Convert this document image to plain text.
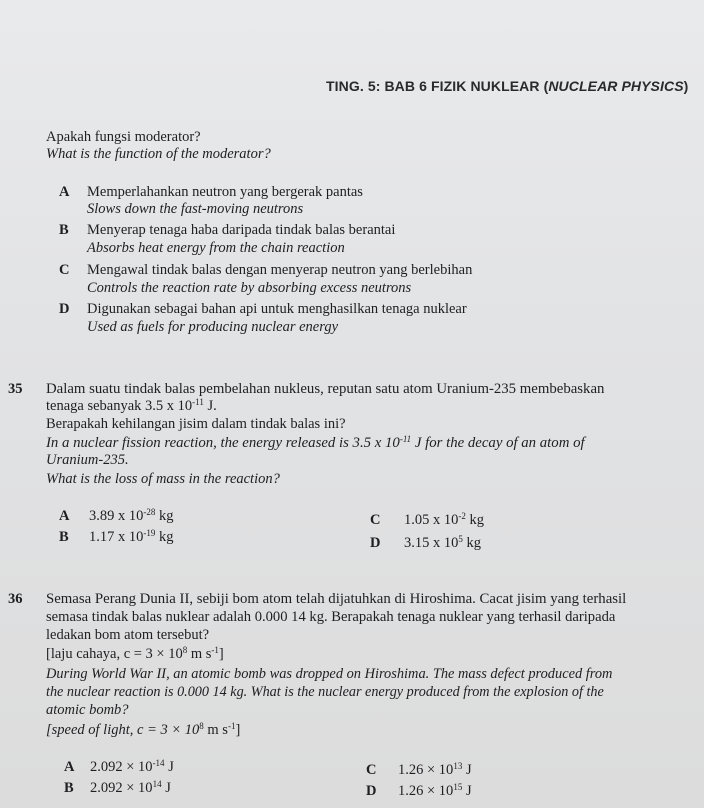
TING. 5: BAB 6 FIZIK NUKLEAR (NUCLEAR PHYSICS)
Apakah fungsi moderator?
What is the function of the moderator?
A Memperlahankan neutron yang bergerak pantas
Slows down the fast-moving neutrons
B Menyerap tenaga haba daripada tindak balas berantai
Absorbs heat energy from the chain reaction
C Mengawal tindak balas dengan menyerap neutron yang berlebihan
Controls the reaction rate by absorbing excess neutrons
D Digunakan sebagai bahan api untuk menghasilkan tenaga nuklear
Used as fuels for producing nuclear energy
35 Dalam suatu tindak balas pembelahan nukleus, reputan satu atom Uranium-235 membebaskan
tenaga sebanyak 3.5 x $10^{-11}$ J.
Berapakah kehilangan jisim dalam tindak balas ini?
In a nuclear fission reaction, the energy released is 3.5 x $10^{-11}$ J for the decay of an atom of
Uranium-235.
What is the loss of mass in the reaction?
A 3.89 x $10^{-28}$ kg
B 1.17 x $10^{-19}$ kg
C 1.05 x $10^{-2}$ kg
D 3.15 x $10^5$ kg
36 Semasa Perang Dunia II, sebiji bom atom telah dijatuhkan di Hiroshima. Cacat jisim yang terhasil
semasa tindak balas nuklear adalah 0.000 14 kg. Berapakah tenaga nuklear yang terhasil daripada
ledakan bom atom tersebut?
[laju cahaya, $c = 3 \times 10^8$ m $s^{-1}$]
During World War II, an atomic bomb was dropped on Hiroshima. The mass defect produced from
the nuclear reaction is 0.000 14 kg. What is the nuclear energy produced from the explosion of the
atomic bomb?
[speed of light, $c = 3 \times 10^8$ m $s^{-1}$]
A $2.092 \times 10^{-14}$ J
B $2.092 \times 10^{14}$ J
C $1.26 \times 10^{13}$ J
D $1.26 \times 10^{15}$ J
